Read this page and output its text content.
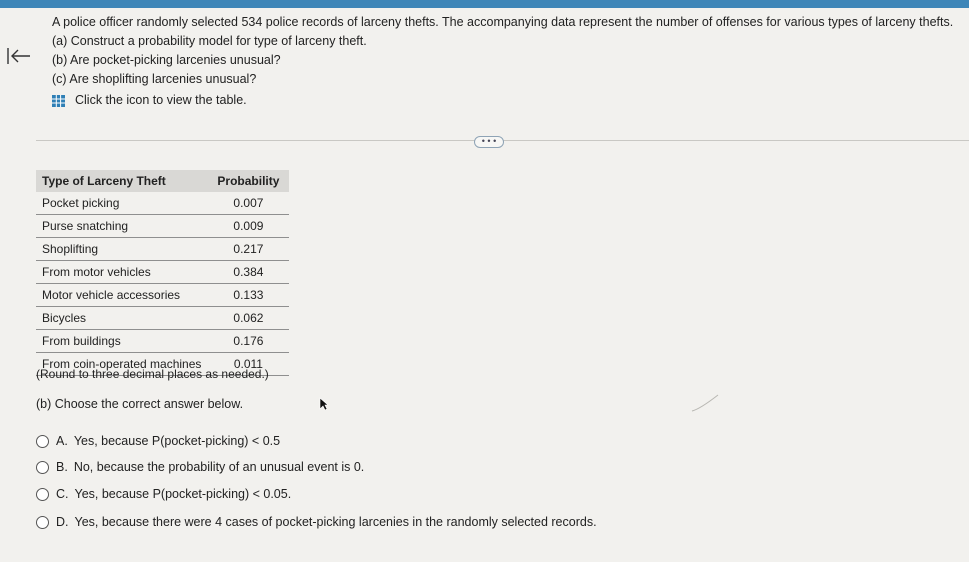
A police officer randomly selected 534 police records of larceny thefts. The accompanying data represent the number of offenses for various types of larceny thefts.
(a) Construct a probability model for type of larceny theft.
(b) Are pocket-picking larcenies unusual?
(c) Are shoplifting larcenies unusual?
Click the icon to view the table.
• • •
Type of Larceny Theft	Probability
Pocket picking	0.007
Purse snatching	0.009
Shoplifting	0.217
From motor vehicles	0.384
Motor vehicle accessories	0.133
Bicycles	0.062
From buildings	0.176
From coin-operated machines	0.011
(Round to three decimal places as needed.)
(b) Choose the correct answer below.
A. Yes, because P(pocket-picking) < 0.5
B. No, because the probability of an unusual event is 0.
C. Yes, because P(pocket-picking) < 0.05.
D. Yes, because there were 4 cases of pocket-picking larcenies in the randomly selected records.
